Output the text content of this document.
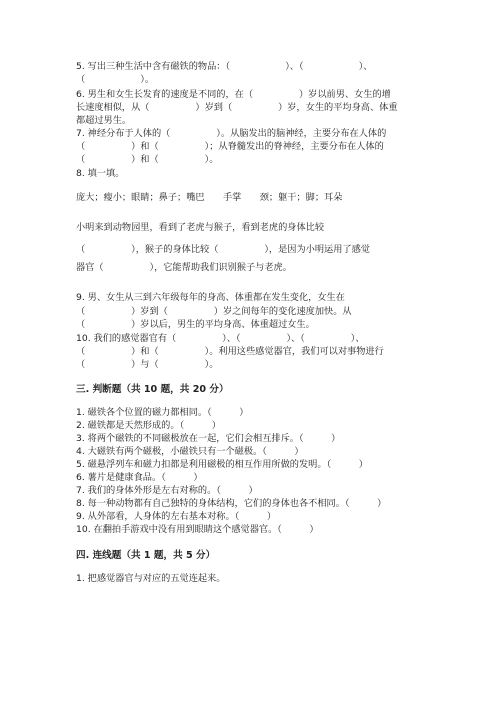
5. 写出三种生活中含有磁铁的物品：（　　　　　　）、（　　　　　　）、
（　　　　　　）。
6. 男生和女生长发育的速度是不同的，在（　　　　　）岁以前男、女生的增
长速度相似，从（　　　　　）岁到（　　　　　）岁，女生的平均身高、体重
都超过男生。
7. 神经分布于人体的（　　　　　）。从脑发出的脑神经，主要分布在人体的
（　　　　　）和（　　　　　）；从脊髓发出的脊神经，主要分布在人体的
（　　　　　）和（　　　　　）。
8. 填一填。
庞大；瘦小；眼睛；鼻子；嘴巴　　手掌　　颈；躯干；脚；耳朵
小明来到动物园里，看到了老虎与猴子，看到老虎的身体比较
（　　　　　），猴子的身体比较（　　　　　），是因为小明运用了感觉
器官（　　　　　），它能帮助我们识别猴子与老虎。
9. 男、女生从三到六年级每年的身高、体重都在发生变化，女生在
（　　　　　）岁到（　　　　　）岁之间每年的变化速度加快。从
（　　　　　）岁以后，男生的平均身高、体重超过女生。
10. 我们的感觉器官有（　　　　　）、（　　　　　）、（　　　　　）、
（　　　　　）和（　　　　　）。利用这些感觉器官，我们可以对事物进行
（　　　　　）与（　　　　　）。
三. 判断题（共 10 题，共 20 分）
1. 磁铁各个位置的磁力都相同。（　　　）
2. 磁铁都是天然形成的。（　　　）
3. 将两个磁铁的不同磁极放在一起，它们会相互排斥。（　　　）
4. 大磁铁有两个磁极，小磁铁只有一个磁极。（　　　）
5. 磁悬浮列车和磁力扣都是利用磁极的相互作用所做的发明。（　　　）
6. 薯片是健康食品。（　　　）
7. 我们的身体外形是左右对称的。（　　　）
8. 每一种动物都有自己独特的身体结构，它们的身体也各不相同。（　　　）
9. 从外部看，人身体的左右基本对称。（　　　）
10. 在翻拍手游戏中没有用到眼睛这个感觉器官。（　　　）
四. 连线题（共 1 题，共 5 分）
1. 把感觉器官与对应的五觉连起来。
